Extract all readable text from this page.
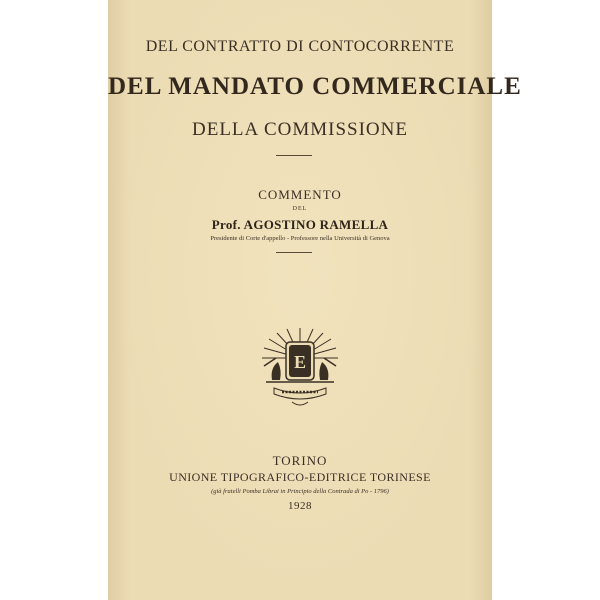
DEL CONTRATTO DI CONTOCORRENTE
DEL MANDATO COMMERCIALE
DELLA COMMISSIONE
COMMENTO
DEL
Prof. AGOSTINO RAMELLA
Presidente di Corte d'appello - Professore nella Università di Genova
E
TORINO
UNIONE TIPOGRAFICO-EDITRICE TORINESE
(già fratelli Pomba Librai in Principio della Contrada di Po - 1796)
1928
